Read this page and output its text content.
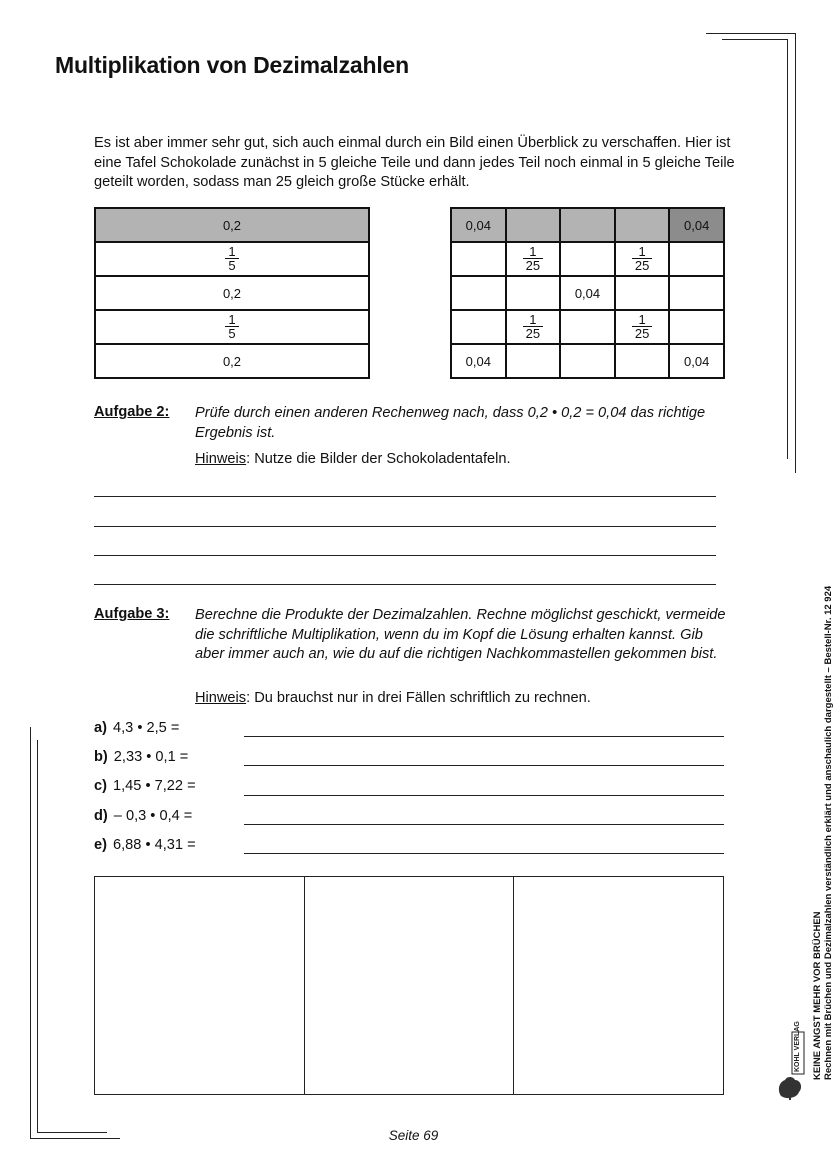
Multiplikation von Dezimalzahlen
Es ist aber immer sehr gut, sich auch einmal durch ein Bild einen Überblick zu verschaffen. Hier ist eine Tafel Schokolade zunächst in 5 gleiche Teile und dann jedes Teil noch einmal in 5 gleiche Teile geteilt worden, sodass man 25 gleich große Stücke erhält.
0,2

$\frac{1}{5}$

0,2

$\frac{1}{5}$

0,2
0,04				0,04

	$\frac{1}{25}$		$\frac{1}{25}$

		0,04		

	$\frac{1}{25}$		$\frac{1}{25}$

0,04				0,04
Aufgabe 2: Prüfe durch einen anderen Rechenweg nach, dass 0,2 • 0,2 = 0,04 das richtige Ergebnis ist.
Hinweis: Nutze die Bilder der Schokoladentafeln.
Aufgabe 3: Berechne die Produkte der Dezimalzahlen. Rechne möglichst geschickt, vermeide die schriftliche Multiplikation, wenn du im Kopf die Lösung erhalten kannst. Gib aber immer auch an, wie du auf die richtigen Nachkommastellen gekommen bist.
Hinweis: Du brauchst nur in drei Fällen schriftlich zu rechnen.
a) 4,3 • 2,5 =
b) 2,33 • 0,1 =
c) 1,45 • 7,22 =
d) – 0,3 • 0,4 =
e) 6,88 • 4,31 =
Seite 69
KEINE ANGST MEHR VOR BRÜCHEN Rechnen mit Brüchen und Dezimalzahlen verständlich erklärt und anschaulich dargestellt – Bestell-Nr. 12 924
KOHL VERLAG
